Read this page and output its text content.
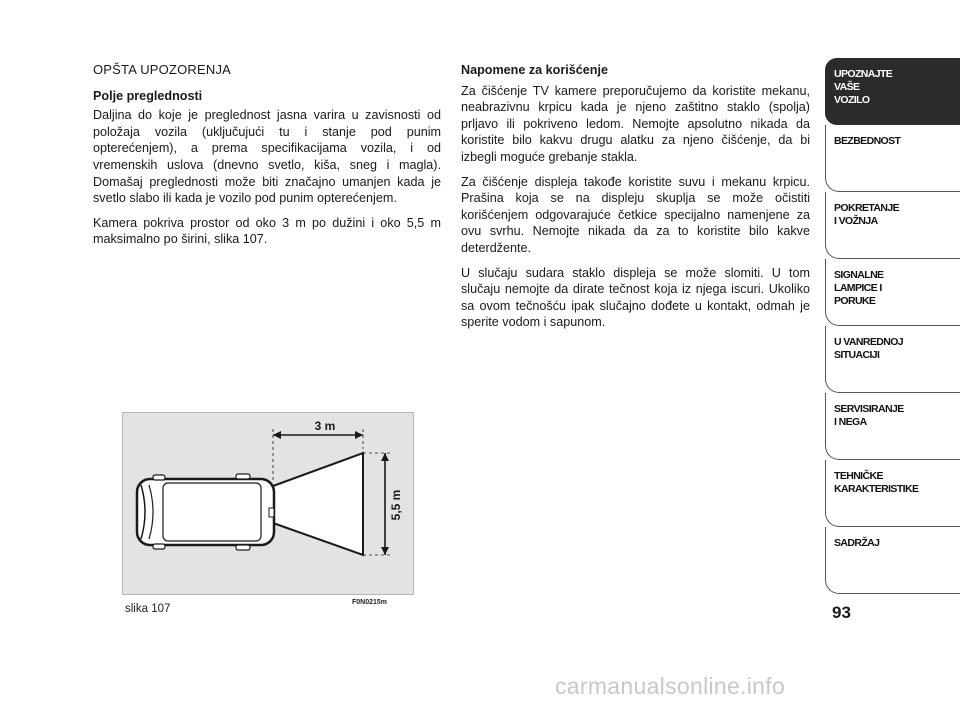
OPŠTA UPOZORENJA
Polje preglednosti

Daljina do koje je preglednost jasna varira u zavisnosti od položaja vozila (uključujući tu i stanje pod punim opterećenjem), a prema specifikacijama vozila, i od vremenskih uslova (dnevno svetlo, kiša, sneg i magla). Domašaj preglednosti može biti značajno umanjen kada je svetlo slabo ili kada je vozilo pod punim opterećenjem.

Kamera pokriva prostor od oko 3 m po dužini i oko 5,5 m maksimalno po širini, slika 107.

Napomene za korišćenje

Za čišćenje TV kamere preporučujemo da koristite mekanu, neabrazivnu krpicu kada je njeno zaštitno staklo (spolja) prljavo ili pokriveno ledom. Nemojte apsolutno nikada da koristite bilo kakvu drugu alatku za njeno čišćenje, da bi izbegli moguće grebanje stakla.

Za čišćenje displeja takođe koristite suvu i mekanu krpicu. Prašina koja se na displeju skuplja se može očistiti korišćenjem odgovarajuće četkice specijalno namenjene za ovu svrhu. Nemojte nikada da za to koristite bilo kakve deterdžente.

U slučaju sudara staklo displeja se može slomiti. U tom slučaju nemojte da dirate tečnost koja iz njega iscuri. Ukoliko sa ovom tečnošću ipak slučajno dođete u kontakt, odmah je sperite vodom i sapunom.

3 m
5,5 m
slika 107
F0N0215m
UPOZNAJTE
VAŠE
VOZILO
BEZBEDNOST
POKRETANJE
I VOŽNJA
SIGNALNE
LAMPICE I PORUKE
U VANREDNOJ
SITUACIJI
SERVISIRANJE
I NEGA
TEHNIČKE
KARAKTERISTIKE
SADRŽAJ
93
carmanualsonline.info
